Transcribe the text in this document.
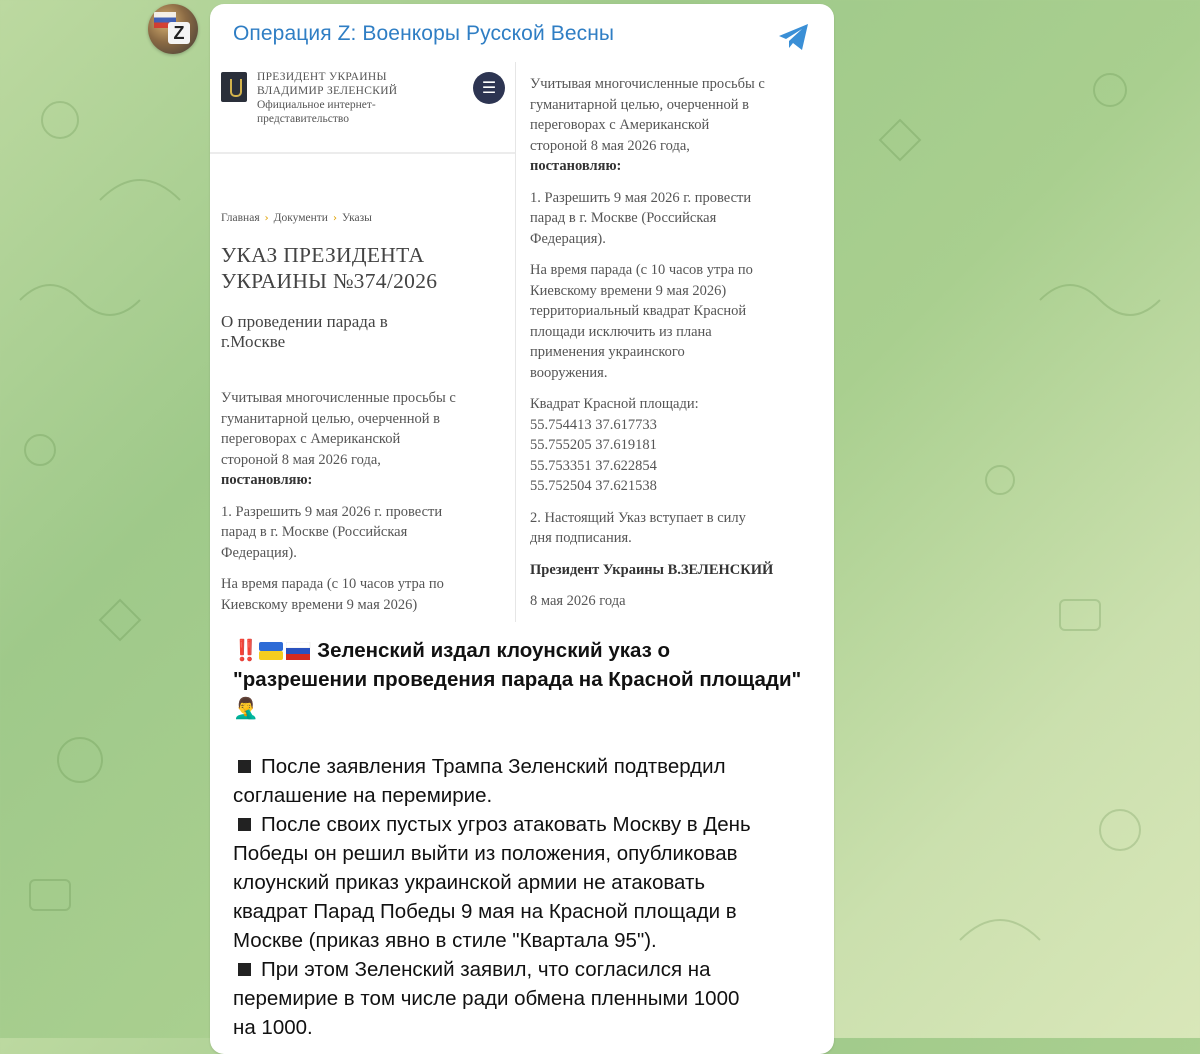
Z Операция Z: Военкоры Русской Весны
ПРЕЗИДЕНТ УКРАИНЫ
ВЛАДИМИР ЗЕЛЕНСКИЙ
Официальное интернет-
представительство
☰
Главная › Документи › Указы
УКАЗ ПРЕЗИДЕНТА
УКРАИНЫ №374/2026
О проведении парада в
г.Москве

Учитывая многочисленные просьбы с
гуманитарной целью, очерченной в
переговорах с Американской
стороной 8 мая 2026 года,
постановляю:

1. Разрешить 9 мая 2026 г. провести
парад в г. Москве (Российская
Федерация).

На время парада (с 10 часов утра по
Киевскому времени 9 мая 2026)

Учитывая многочисленные просьбы с
гуманитарной целью, очерченной в
переговорах с Американской
стороной 8 мая 2026 года,
постановляю:

1. Разрешить 9 мая 2026 г. провести
парад в г. Москве (Российская
Федерация).

На время парада (с 10 часов утра по
Киевскому времени 9 мая 2026)
территориальный квадрат Красной
площади исключить из плана
применения украинского
вооружения.

Квадрат Красной площади:
55.754413 37.617733
55.755205 37.619181
55.753351 37.622854
55.752504 37.621538

2. Настоящий Указ вступает в силу
дня подписания.

Президент Украины В.ЗЕЛЕНСКИЙ

8 мая 2026 года

‼️	Зеленский издал клоунский указ о
"разрешении проведения парада на Красной площади"
🤦‍♂️

После заявления Трампа Зеленский подтвердил
соглашение на перемирие.
После своих пустых угроз атаковать Москву в День
Победы он решил выйти из положения, опубликовав
клоунский приказ украинской армии не атаковать
квадрат Парад Победы 9 мая на Красной площади в
Москве (приказ явно в стиле "Квартала 95").
При этом Зеленский заявил, что согласился на
перемирие в том числе ради обмена пленными 1000
на 1000.
